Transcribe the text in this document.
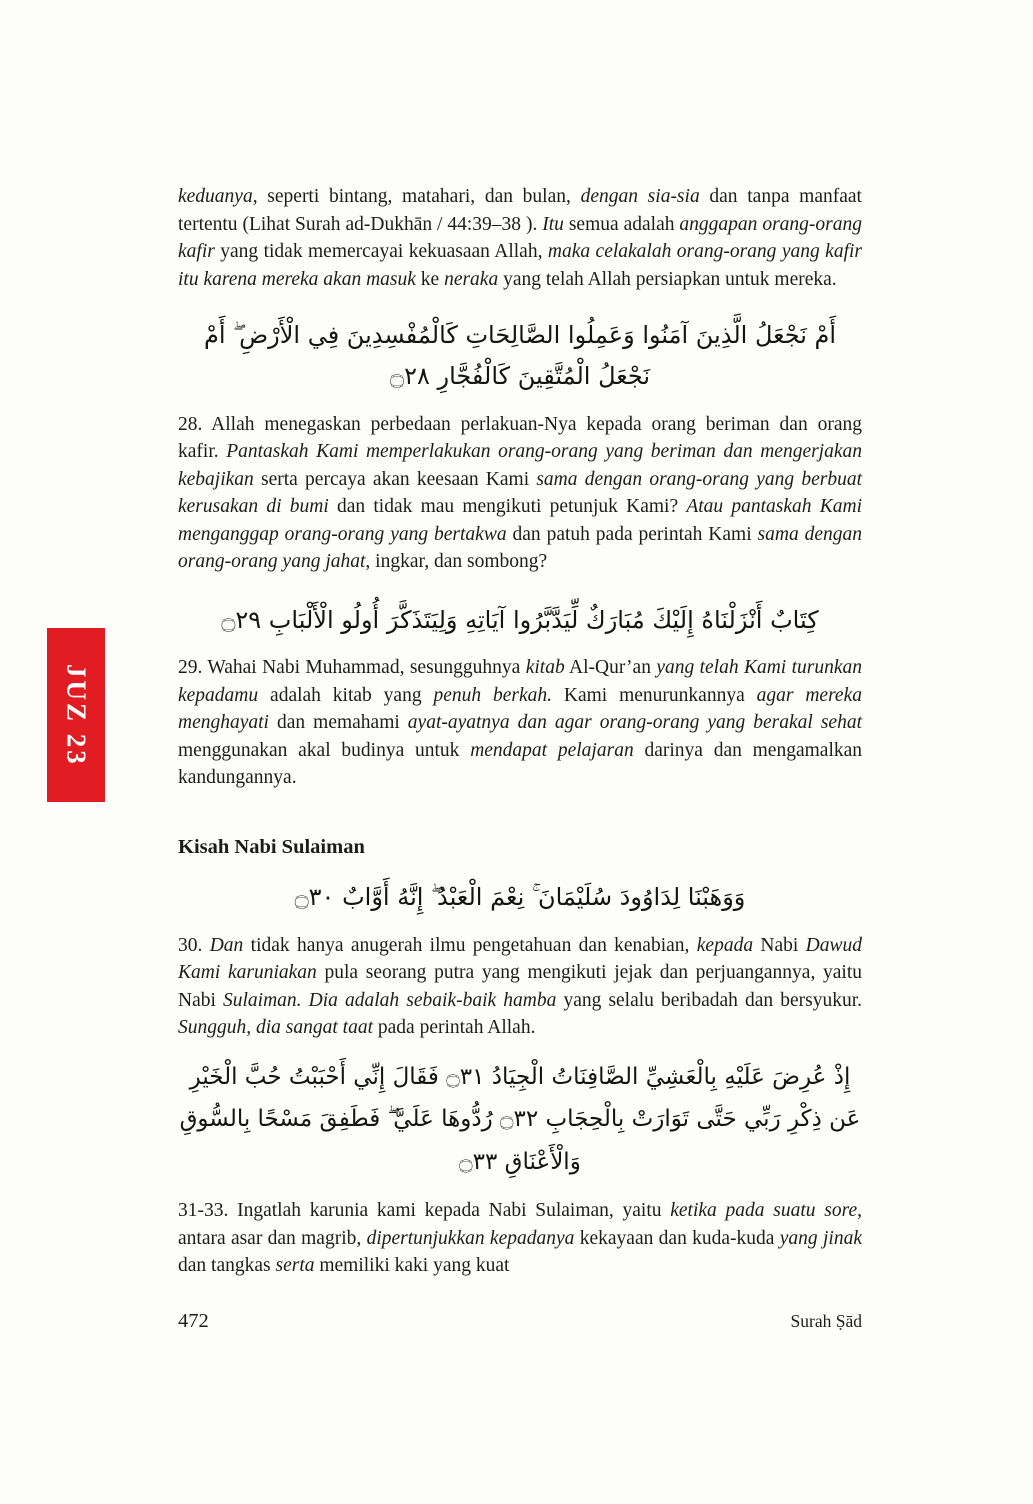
JUZ 23

keduanya, seperti bintang, matahari, dan bulan, dengan sia-sia dan tanpa manfaat tertentu (Lihat Surah ad-Dukhān / 44:39–38 ). Itu semua adalah anggapan orang-orang kafir yang tidak memercayai kekuasaan Allah, maka celakalah orang-orang yang kafir itu karena mereka akan masuk ke neraka yang telah Allah persiapkan untuk mereka.

أَمْ نَجْعَلُ الَّذِينَ آمَنُوا وَعَمِلُوا الصَّالِحَاتِ كَالْمُفْسِدِينَ فِي الْأَرْضِ ۖ أَمْ نَجْعَلُ الْمُتَّقِينَ كَالْفُجَّارِ ۝٢٨

28. Allah menegaskan perbedaan perlakuan-Nya kepada orang beriman dan orang kafir. Pantaskah Kami memperlakukan orang-orang yang beriman dan mengerjakan kebajikan serta percaya akan keesaan Kami sama dengan orang-orang yang berbuat kerusakan di bumi dan tidak mau mengikuti petunjuk Kami? Atau pantaskah Kami menganggap orang-orang yang bertakwa dan patuh pada perintah Kami sama dengan orang-orang yang jahat, ingkar, dan sombong?

كِتَابٌ أَنْزَلْنَاهُ إِلَيْكَ مُبَارَكٌ لِّيَدَّبَّرُوا آيَاتِهِ وَلِيَتَذَكَّرَ أُولُو الْأَلْبَابِ ۝٢٩

29. Wahai Nabi Muhammad, sesungguhnya kitab Al-Qur’an yang telah Kami turunkan kepadamu adalah kitab yang penuh berkah. Kami menurunkannya agar mereka menghayati dan memahami ayat-ayatnya dan agar orang-orang yang berakal sehat menggunakan akal budinya untuk mendapat pelajaran darinya dan mengamalkan kandungannya.

Kisah Nabi Sulaiman
وَوَهَبْنَا لِدَاوُودَ سُلَيْمَانَ ۚ نِعْمَ الْعَبْدُ ۖ إِنَّهُ أَوَّابٌ ۝٣٠

30. Dan tidak hanya anugerah ilmu pengetahuan dan kenabian, kepada Nabi Dawud Kami karuniakan pula seorang putra yang mengikuti jejak dan perjuangannya, yaitu Nabi Sulaiman. Dia adalah sebaik-baik hamba yang selalu beribadah dan bersyukur. Sungguh, dia sangat taat pada perintah Allah.

إِذْ عُرِضَ عَلَيْهِ بِالْعَشِيِّ الصَّافِنَاتُ الْجِيَادُ ۝٣١ فَقَالَ إِنِّي أَحْبَبْتُ حُبَّ الْخَيْرِ عَن ذِكْرِ رَبِّي حَتَّى تَوَارَتْ بِالْحِجَابِ ۝٣٢ رُدُّوهَا عَلَيَّ ۖ فَطَفِقَ مَسْحًا بِالسُّوقِ وَالْأَعْنَاقِ ۝٣٣

31-33. Ingatlah karunia kami kepada Nabi Sulaiman, yaitu ketika pada suatu sore, antara asar dan magrib, dipertunjukkan kepadanya kekayaan dan kuda-kuda yang jinak dan tangkas serta memiliki kaki yang kuat

472	Surah Ṣād
